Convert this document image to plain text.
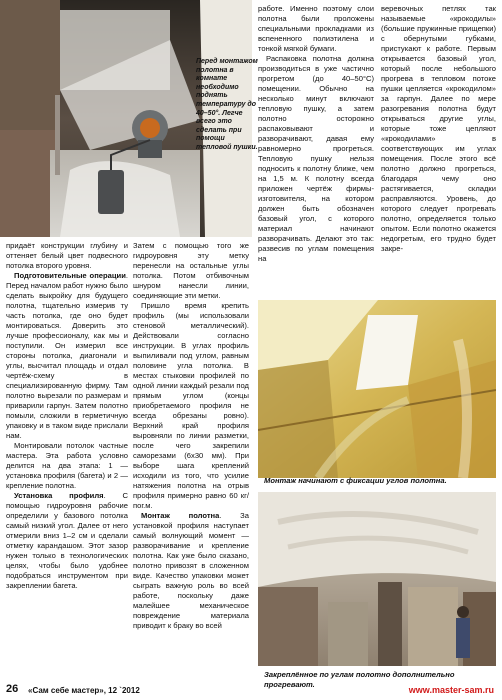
Перед монтажом полотна в комнате необходимо поднять температуру до 40–50°. Легче всего это сделать при помощи тепловой пушки.

придаёт конструкции глубину и оттеняет белый цвет подвесного потолка второго уровня.

Подготовительные операции. Перед началом работ нужно было сделать выкройку для будущего полотна, тщательно измерив ту часть потолка, где оно будет монтироваться. Доверить это лучше профессионалу, как мы и поступили. Он измерил все стороны потолка, диагонали и углы, высчитал площадь и отдал чертёж-схему в специализированную фирму. Там полотно вырезали по размерам и приварили гарпун. Затем полотно помыли, сложили в герметичную упаковку и в таком виде прислали нам.

Монтировали потолок частные мастера. Эта работа условно делится на два этапа: 1 — установка профиля (багета) и 2 — крепление полотна.

Установка профиля. С помощью гидроуровня рабочие определили у базового потолка самый низкий угол. Далее от него отмерили вниз 1–2 см и сделали отметку карандашом. Этот зазор нужен только в технологических целях, чтобы было удобнее подобраться инструментом при закреплении багета.

Затем с помощью того же гидроуровня эту метку перенесли на остальные углы потолка. Потом отбивочным шнуром нанесли линии, соединяющие эти метки.

Пришло время крепить профиль (мы использовали стеновой металлический). Действовали согласно инструкции. В углах профиль выпиливали под углом, равным половине угла потолка. В местах стыковки профилей по одной линии каждый резали под прямым углом (концы приобретаемого профиля не всегда обрезаны ровно). Верхний край профиля выровняли по линии разметки, после чего закрепили саморезами (6x30 мм). При выборе шага креплений исходили из того, что усилие натяжения полотна на отрыв профиля примерно равно 60 кг/пог.м.

Монтаж полотна. За установкой профиля наступает самый волнующий момент — разворачивание и крепление полотна. Как уже было сказано, полотно привозят в сложенном виде. Качество упаковки может сыграть важную роль во всей работе, поскольку даже малейшее механическое повреждение материала приводит к браку во всей

работе. Именно поэтому слои полотна были проложены специальными прокладками из вспененного полиэтилена и тонкой мягкой бумаги.

Распаковка полотна должна производиться в уже частично прогретом (до 40–50°С) помещении. Обычно на несколько минут включают тепловую пушку, а затем полотно осторожно распаковывают и разворачивают, давая ему равномерно прогреться. Тепловую пушку нельзя подносить к полотну ближе, чем на 1,5 м. К полотну всегда приложен чертёж фирмы-изготовителя, на котором должен быть обозначен базовый угол, с которого материал начинают разворачивать. Делают это так: развесив по углам помещения на

веревочных петлях так называемые «крокодилы» (большие пружинные прищепки) с обернутыми губками, пристукают к работе. Первым открывается базовый угол, который после небольшого прогрева в тепловом потоке пушки цепляется «крокодилом» за гарпун. Далее по мере разогревания полотна будут открываться другие углы, которые тоже цепляют «крокодилами» в соответствующих им углах помещения. После этого всё полотно должно прогреться, благодаря чему оно растягивается, складки расправляются. Уровень, до которого следует прогревать полотно, определяется только опытом. Если полотно окажется недогретым, его трудно будет закре-

Монтаж начинают с фиксации углов полотна.
Закреплённое по углам полотно дополнительно прогревают.
26 «Сам себе мастер», 12 `2012	www.master-sam.ru
